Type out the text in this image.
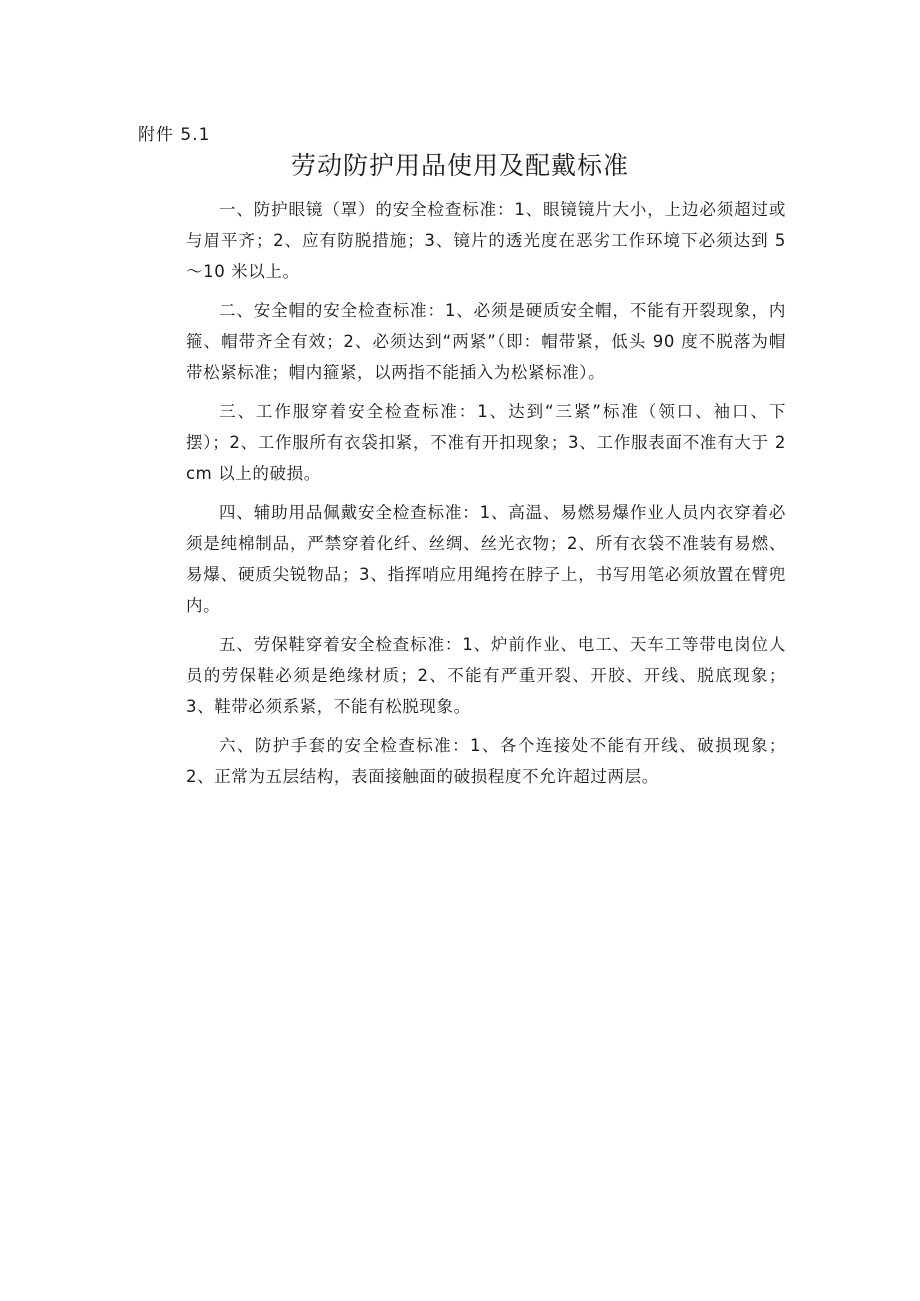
附件 5.1
劳动防护用品使用及配戴标准

一、防护眼镜（罩）的安全检查标准：1、眼镜镜片大小，上边必须超过或与眉平齐；2、应有防脱措施；3、镜片的透光度在恶劣工作环境下必须达到 5～10 米以上。

二、安全帽的安全检查标准：1、必须是硬质安全帽，不能有开裂现象，内箍、帽带齐全有效；2、必须达到“两紧”（即：帽带紧，低头 90 度不脱落为帽带松紧标准；帽内箍紧，以两指不能插入为松紧标准）。

三、工作服穿着安全检查标准：1、达到“三紧”标准（领口、袖口、下摆）；2、工作服所有衣袋扣紧，不准有开扣现象；3、工作服表面不准有大于 2cm 以上的破损。

四、辅助用品佩戴安全检查标准：1、高温、易燃易爆作业人员内衣穿着必须是纯棉制品，严禁穿着化纤、丝绸、丝光衣物；2、所有衣袋不准装有易燃、易爆、硬质尖锐物品；3、指挥哨应用绳挎在脖子上，书写用笔必须放置在臂兜内。

五、劳保鞋穿着安全检查标准：1、炉前作业、电工、天车工等带电岗位人员的劳保鞋必须是绝缘材质；2、不能有严重开裂、开胶、开线、脱底现象；3、鞋带必须系紧，不能有松脱现象。

六、防护手套的安全检查标准：1、各个连接处不能有开线、破损现象；2、正常为五层结构，表面接触面的破损程度不允许超过两层。
